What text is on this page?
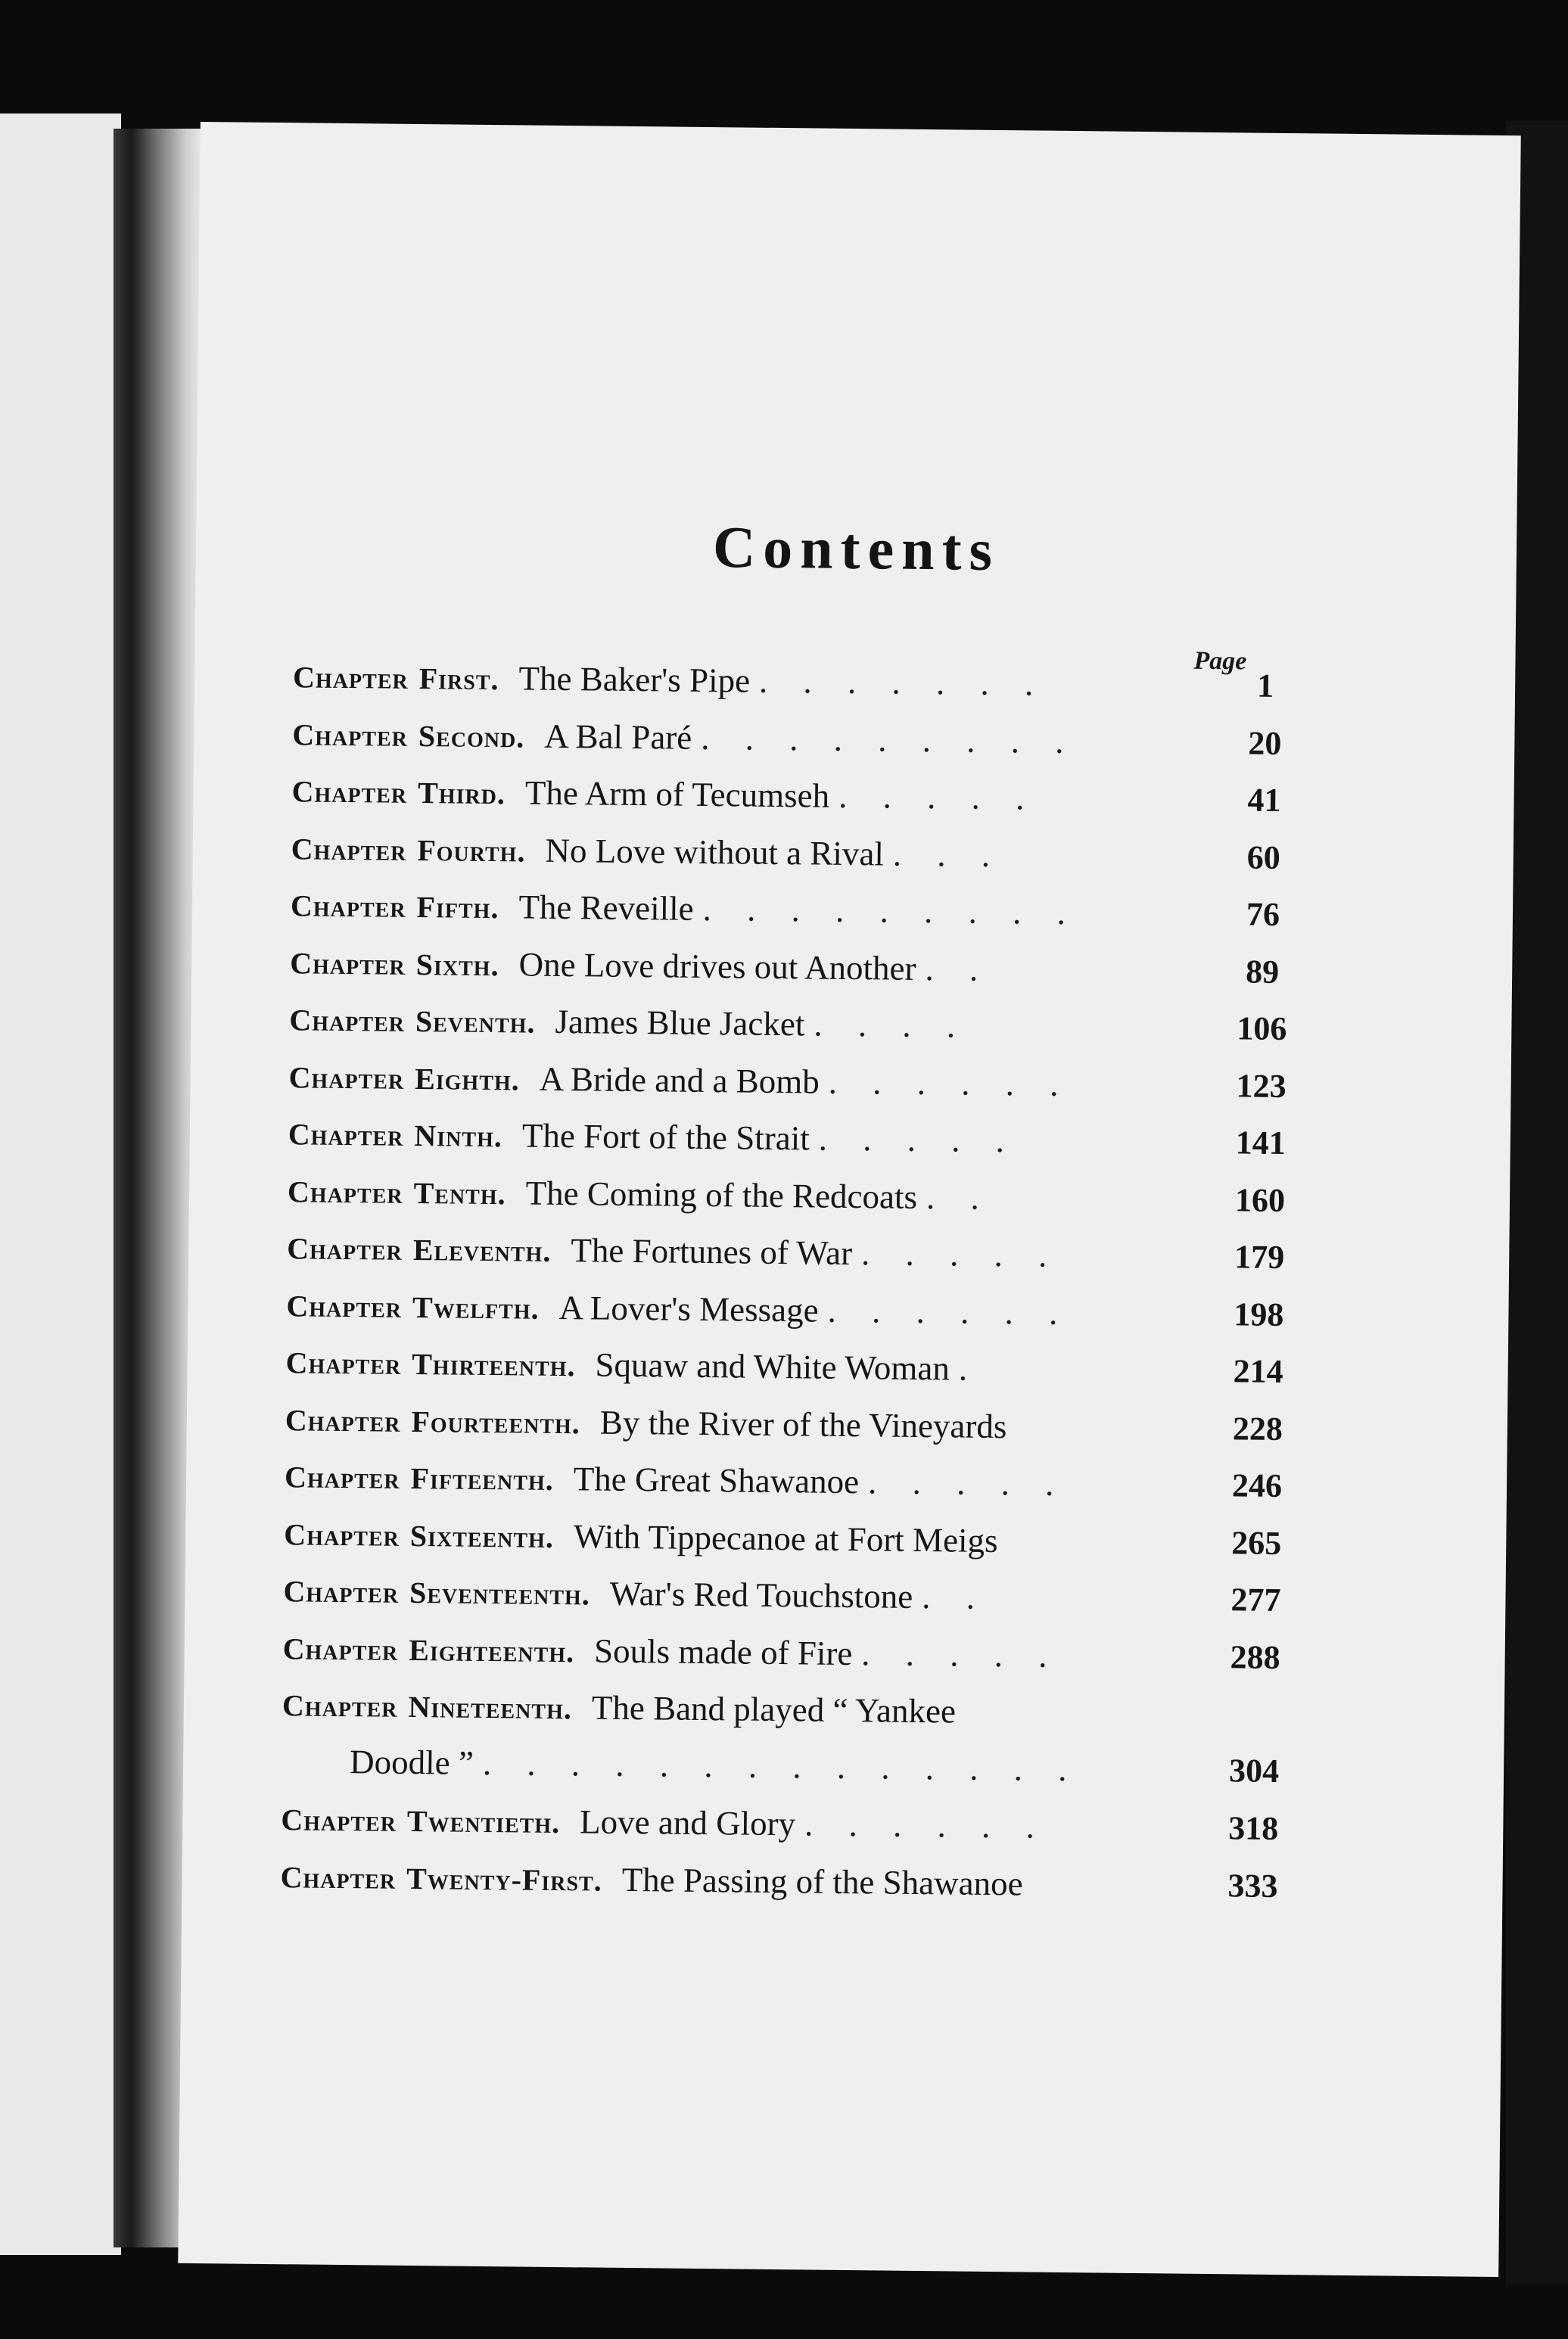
Contents
Page
Chapter First. The Baker's Pipe . . . . . . .	1
Chapter Second. A Bal Paré . . . . . . . . .	20
Chapter Third. The Arm of Tecumseh . . . . .	41
Chapter Fourth. No Love without a Rival . . .	60
Chapter Fifth. The Reveille . . . . . . . . .	76
Chapter Sixth. One Love drives out Another . .	89
Chapter Seventh. James Blue Jacket . . . .	106
Chapter Eighth. A Bride and a Bomb . . . . . .	123
Chapter Ninth. The Fort of the Strait . . . . .	141
Chapter Tenth. The Coming of the Redcoats . .	160
Chapter Eleventh. The Fortunes of War . . . . .	179
Chapter Twelfth. A Lover's Message . . . . . .	198
Chapter Thirteenth. Squaw and White Woman .	214
Chapter Fourteenth. By the River of the Vineyards	228
Chapter Fifteenth. The Great Shawanoe . . . . .	246
Chapter Sixteenth. With Tippecanoe at Fort Meigs	265
Chapter Seventeenth. War's Red Touchstone . .	277
Chapter Eighteenth. Souls made of Fire . . . . .	288
Chapter Nineteenth. The Band played “ Yankee
Doodle ” . . . . . . . . . . . . . .	304
Chapter Twentieth. Love and Glory . . . . . .	318
Chapter Twenty-First. The Passing of the Shawanoe	333
